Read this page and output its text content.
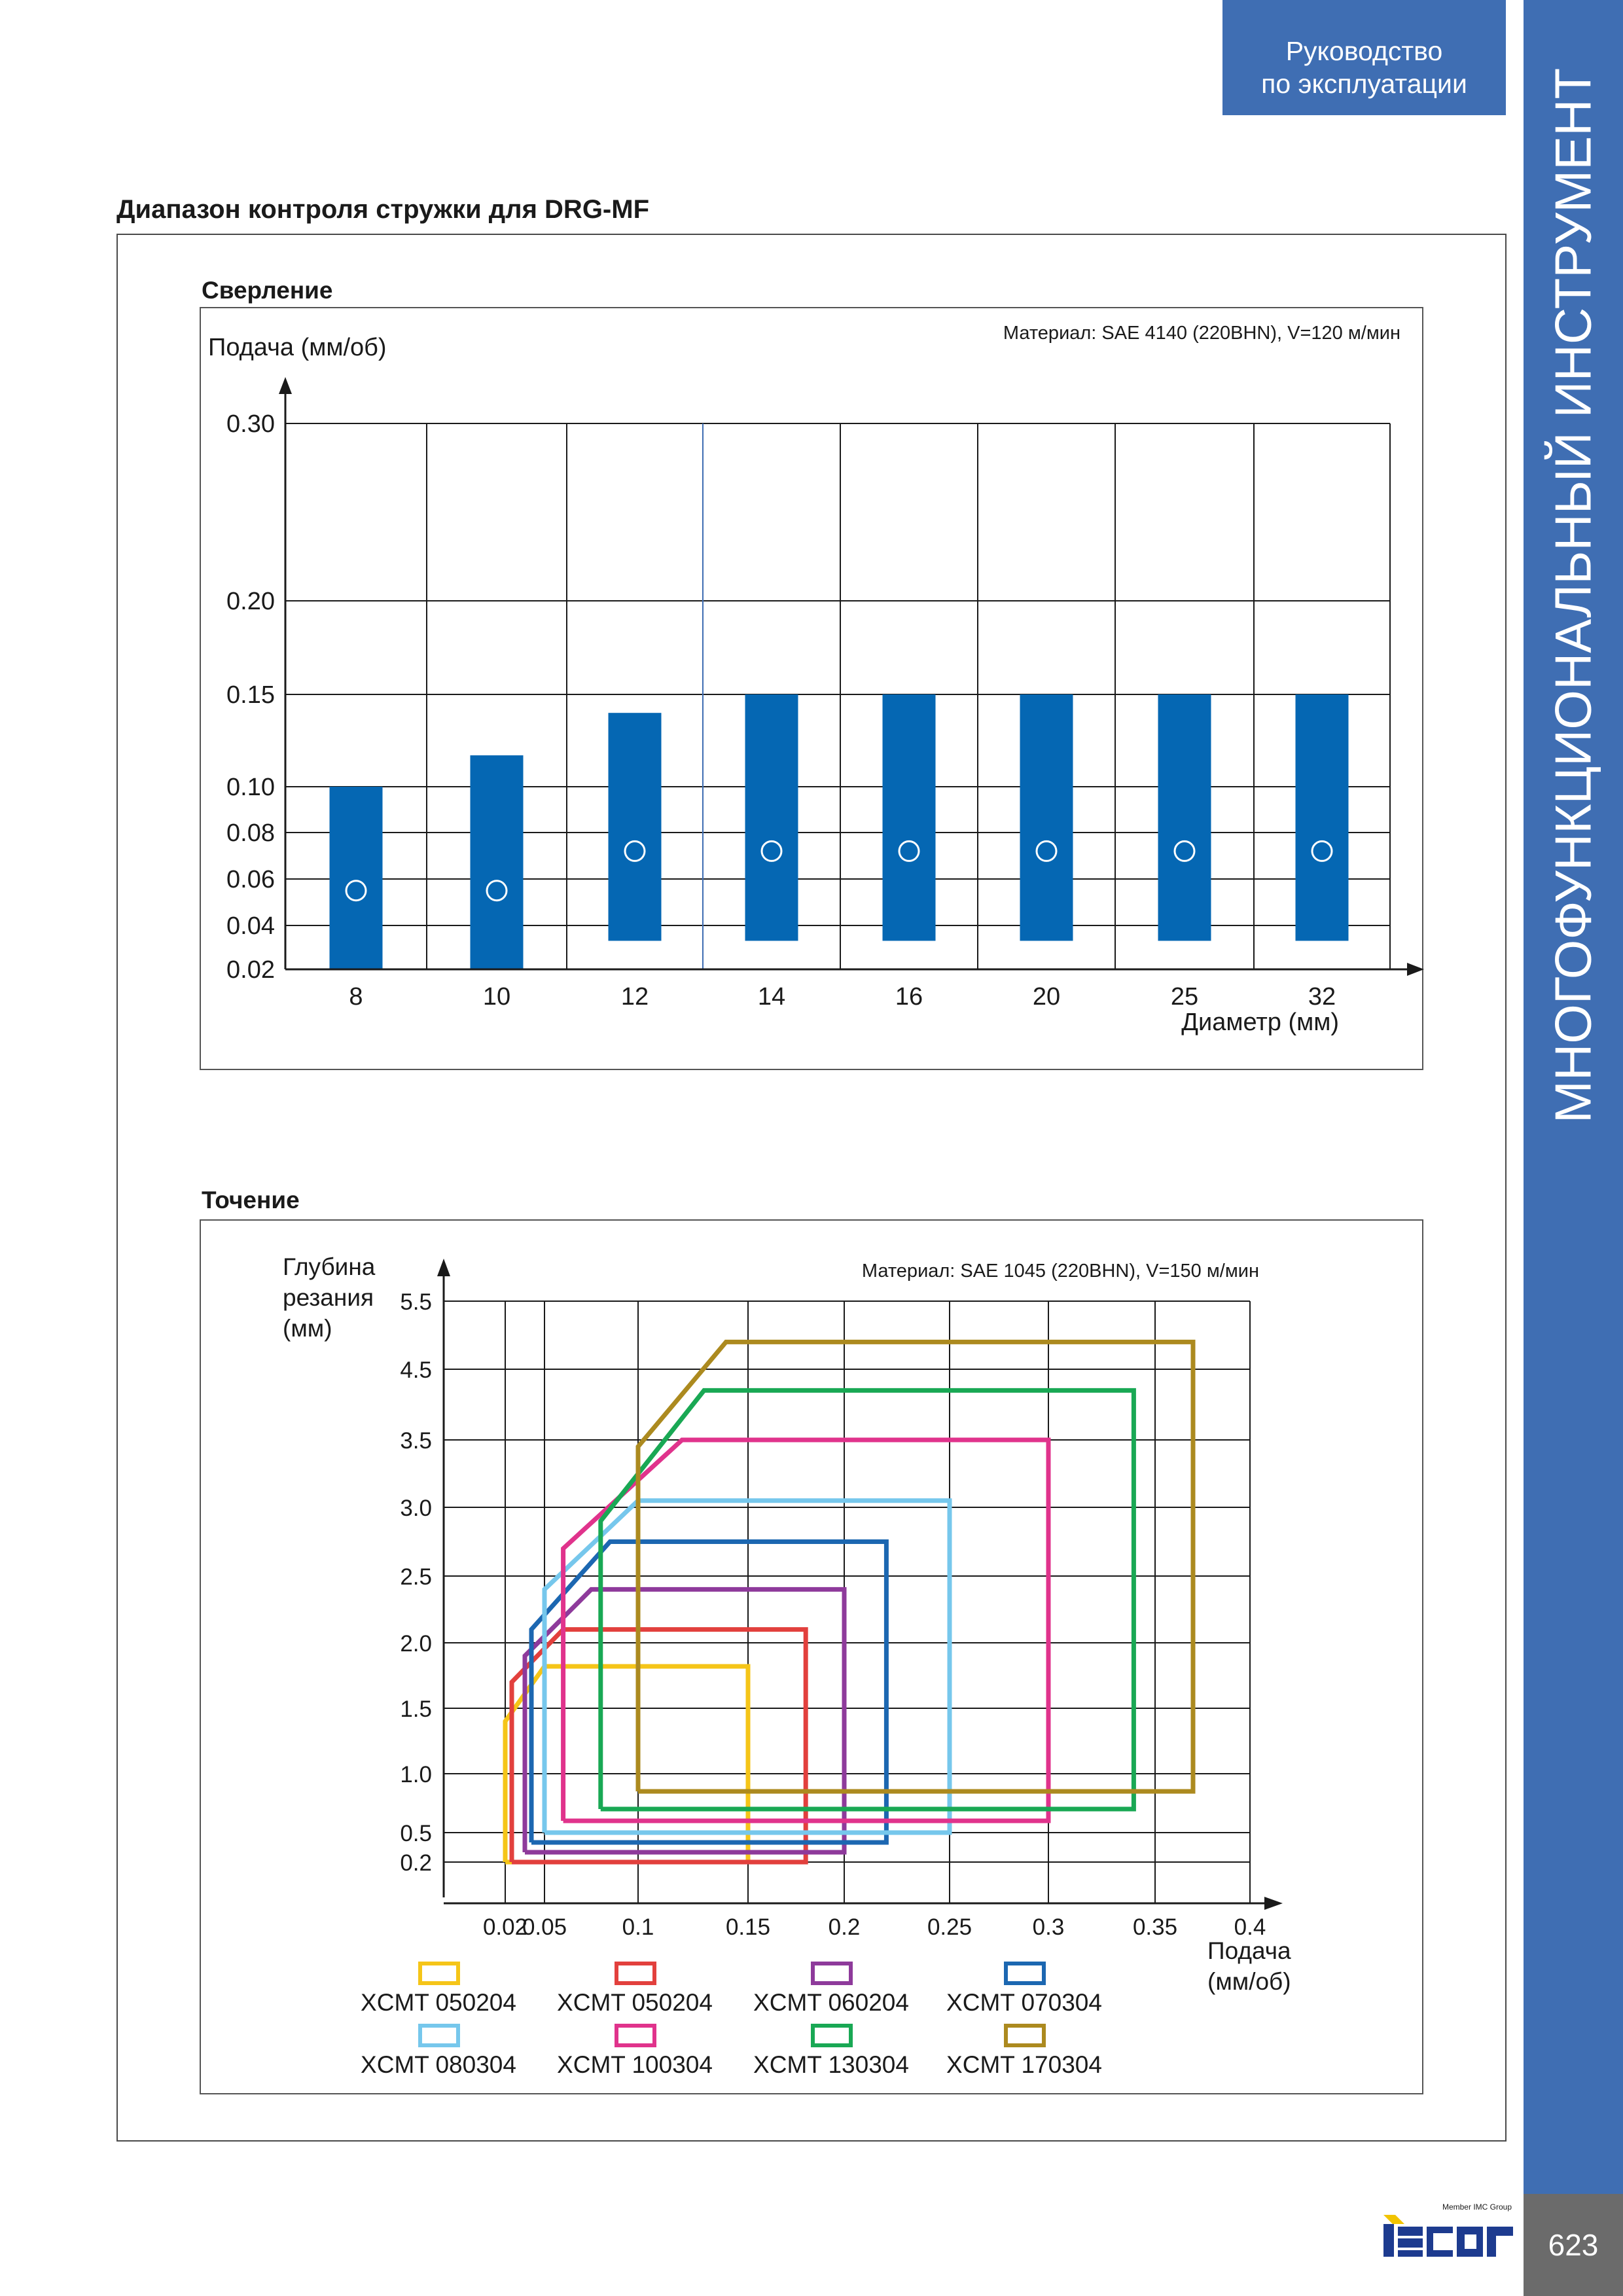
Руководство
по эксплуатации	МНОГОФУНКЦИОНАЛЬНЫЙ ИНСТРУМЕНТ
623
Member IMC Group
Диапазон контроля стружки для DRG-MF
Сверление
Точение
Материал: SAE 4140 (220BHN), V=120 м/мин
Подача (мм/об)
Диаметр (мм)
0.02
0.04
0.06
0.08
0.10
0.15
0.20
0.30
8	10	12	14	16	20	25	32
Материал: SAE 1045 (220BHN), V=150 м/мин
Глубина
резания
(мм)
Подача
(мм/об)
0.2
0.5
1.0
1.5
2.0
2.5
3.0
3.5
4.5
5.5
0.02
0.05 0.1	0.15	0.2	0.25	0.3	0.35 0.4
XCMT 050204 XCMT 050204 XCMT 060204 XCMT 070304
XCMT 080304 XCMT 100304 XCMT 130304 XCMT 170304
